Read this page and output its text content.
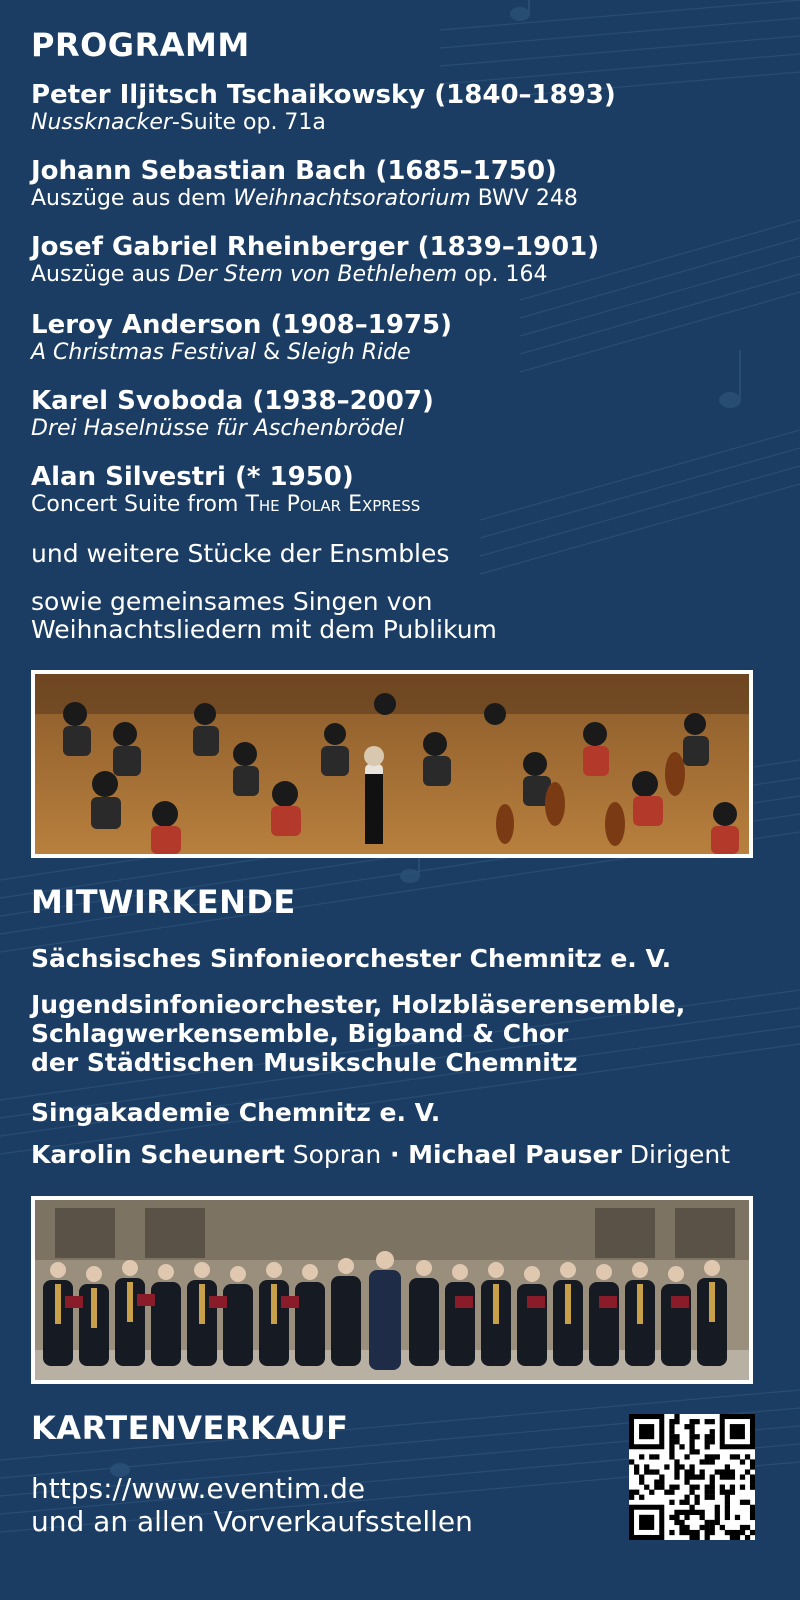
PROGRAMM
Peter Iljitsch Tschaikowsky (1840–1893)
Nussknacker-Suite op. 71a
Johann Sebastian Bach (1685–1750)
Auszüge aus dem Weihnachtsoratorium BWV 248
Josef Gabriel Rheinberger (1839–1901)
Auszüge aus Der Stern von Bethlehem op. 164
Leroy Anderson (1908–1975)
A Christmas Festival & Sleigh Ride
Karel Svoboda (1938–2007)
Drei Haselnüsse für Aschenbrödel
Alan Silvestri (* 1950)
Concert Suite from The Polar Express
und weitere Stücke der Ensmbles
sowie gemeinsames Singen von
Weihnachtsliedern mit dem Publikum
MITWIRKENDE
Sächsisches Sinfonieorchester Chemnitz e. V.
Jugendsinfonieorchester, Holzbläserensemble,
Schlagwerkensemble, Bigband & Chor
der Städtischen Musikschule Chemnitz
Singakademie Chemnitz e. V.
Karolin Scheunert Sopran · Michael Pauser Dirigent
KARTENVERKAUF
https://www.eventim.de
und an allen Vorverkaufsstellen
